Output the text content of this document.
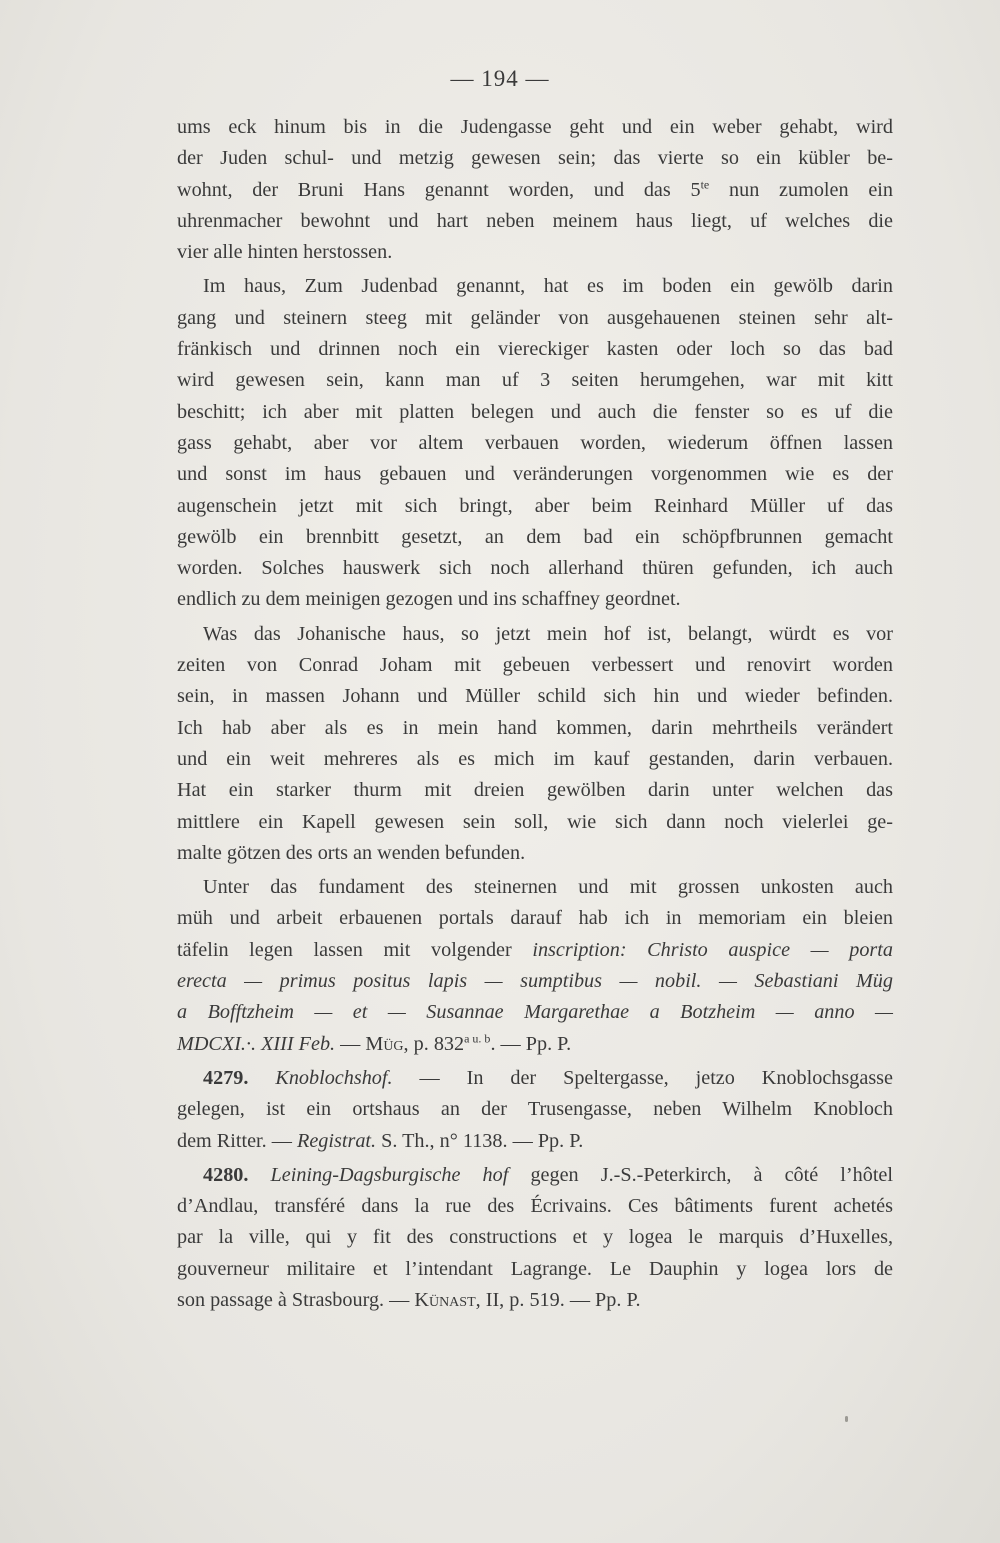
— 194 —
ums eck hinum bis in die Judengasse geht und ein weber gehabt, wird
der Juden schul- und metzig gewesen sein; das vierte so ein kübler be-
wohnt, der Bruni Hans genannt worden, und das $5^{te}$ nun zumolen ein
uhrenmacher bewohnt und hart neben meinem haus liegt, uf welches die
vier alle hinten herstossen.
Im haus, Zum Judenbad genannt, hat es im boden ein gewölb darin
gang und steinern steeg mit geländer von ausgehauenen steinen sehr alt-
fränkisch und drinnen noch ein viereckiger kasten oder loch so das bad
wird gewesen sein, kann man uf 3 seiten herumgehen, war mit kitt
beschitt; ich aber mit platten belegen und auch die fenster so es uf die
gass gehabt, aber vor altem verbauen worden, wiederum öffnen lassen
und sonst im haus gebauen und veränderungen vorgenommen wie es der
augenschein jetzt mit sich bringt, aber beim Reinhard Müller uf das
gewölb ein brennbitt gesetzt, an dem bad ein schöpfbrunnen gemacht
worden. Solches hauswerk sich noch allerhand thüren gefunden, ich auch
endlich zu dem meinigen gezogen und ins schaffney geordnet.
Was das Johanische haus, so jetzt mein hof ist, belangt, würdt es vor
zeiten von Conrad Joham mit gebeuen verbessert und renovirt worden
sein, in massen Johann und Müller schild sich hin und wieder befinden.
Ich hab aber als es in mein hand kommen, darin mehrtheils verändert
und ein weit mehreres als es mich im kauf gestanden, darin verbauen.
Hat ein starker thurm mit dreien gewölben darin unter welchen das
mittlere ein Kapell gewesen sein soll, wie sich dann noch vielerlei ge-
malte götzen des orts an wenden befunden.
Unter das fundament des steinernen und mit grossen unkosten auch
müh und arbeit erbauenen portals darauf hab ich in memoriam ein bleien
täfelin legen lassen mit volgender inscription: Christo auspice — porta
erecta — primus positus lapis — sumptibus — nobil. — Sebastiani Müg
a Bofftzheim — et — Susannae Margarethae a Botzheim — anno —
MDCXI.·. XIII Feb. — Müg, p. $832^{a u. b}$. — Pp. P.
4279. Knoblochshof. — In der Speltergasse, jetzo Knoblochsgasse
gelegen, ist ein ortshaus an der Trusengasse, neben Wilhelm Knobloch
dem Ritter. — Registrat. S. Th., n° 1138. — Pp. P.
4280. Leining-Dagsburgische hof gegen J.-S.-Peterkirch, à côté l’hôtel
d’Andlau, transféré dans la rue des Écrivains. Ces bâtiments furent achetés
par la ville, qui y fit des constructions et y logea le marquis d’Huxelles,
gouverneur militaire et l’intendant Lagrange. Le Dauphin y logea lors de
son passage à Strasbourg. — Künast, II, p. 519. — Pp. P.
